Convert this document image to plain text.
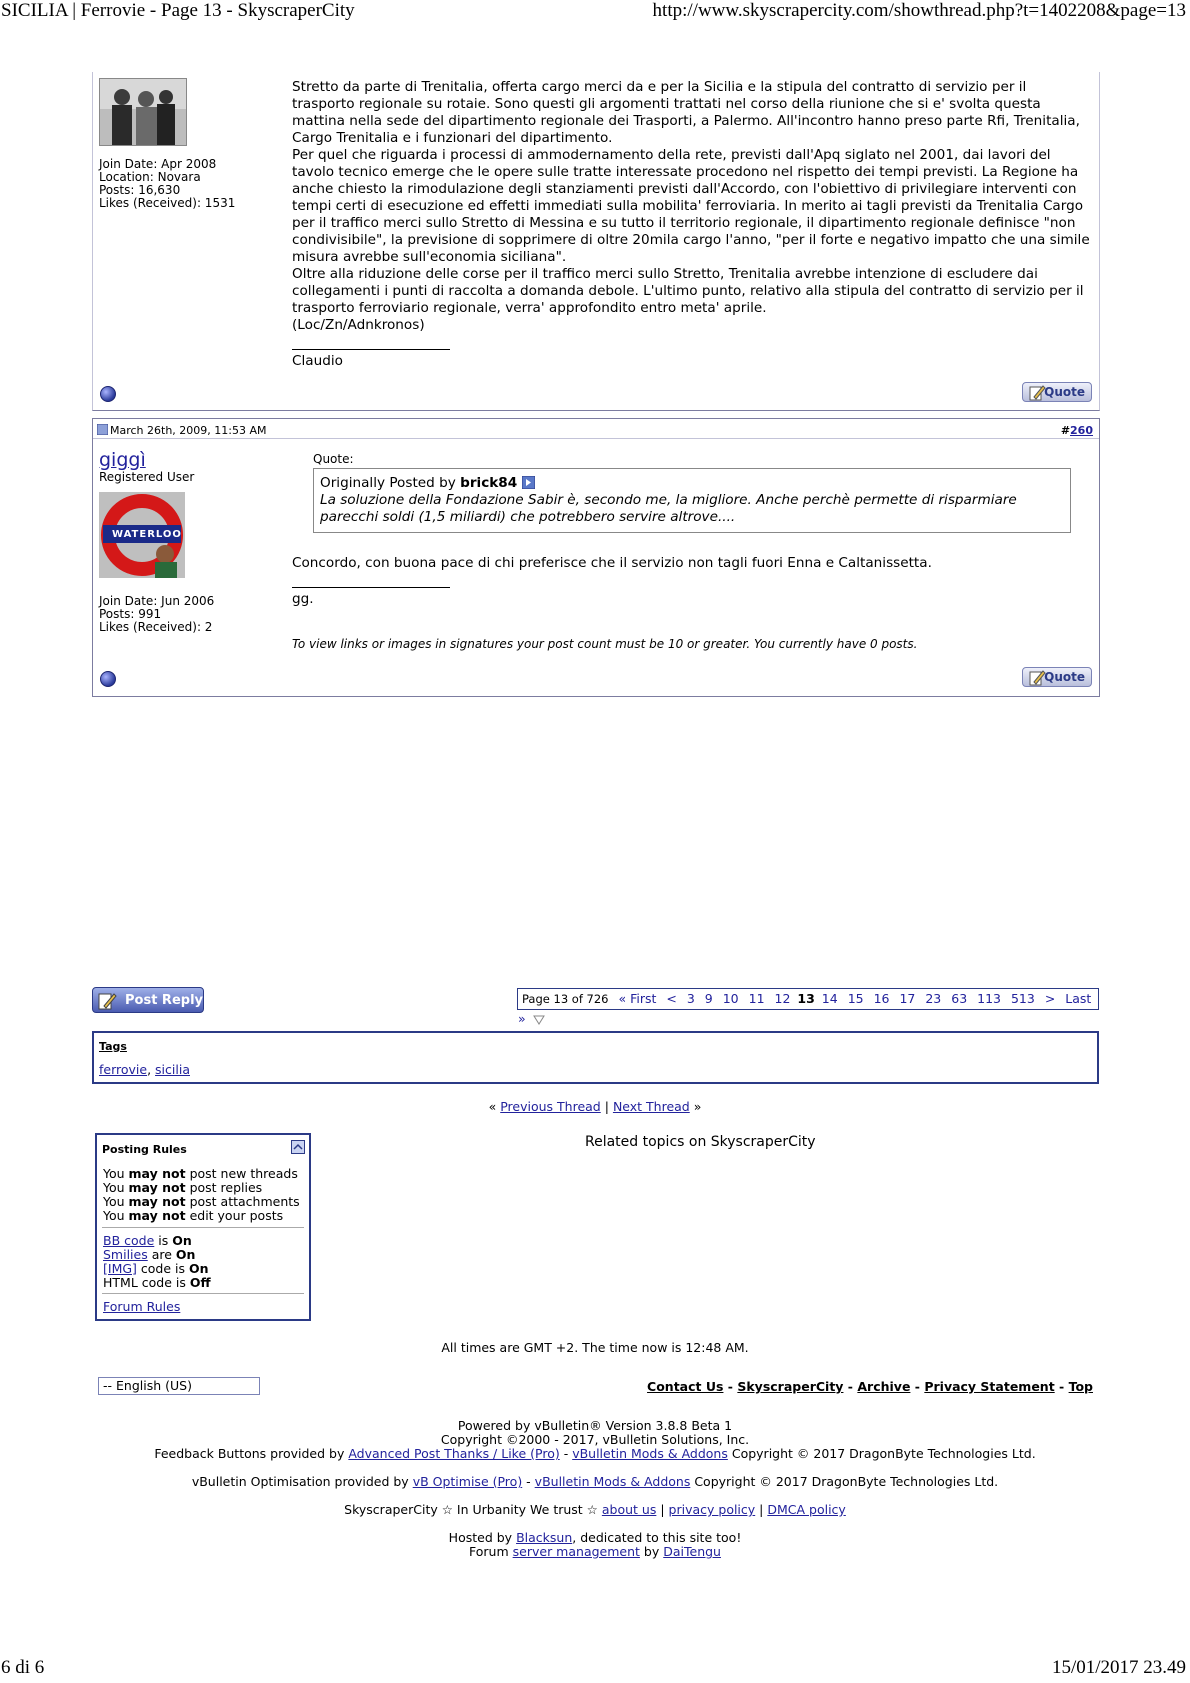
SICILIA | Ferrovie - Page 13 - SkyscraperCity	http://www.skyscrapercity.com/showthread.php?t=1402208&page=13
Join Date: Apr 2008
Location: Novara
Posts: 16,630
Likes (Received): 1531
Stretto da parte di Trenitalia, offerta cargo merci da e per la Sicilia e la stipula del contratto di servizio per il trasporto regionale su rotaie. Sono questi gli argomenti trattati nel corso della riunione che si e' svolta questa mattina nella sede del dipartimento regionale dei Trasporti, a Palermo. All'incontro hanno preso parte Rfi, Trenitalia, Cargo Trenitalia e i funzionari del dipartimento.
Per quel che riguarda i processi di ammodernamento della rete, previsti dall'Apq siglato nel 2001, dai lavori del tavolo tecnico emerge che le opere sulle tratte interessate procedono nel rispetto dei tempi previsti. La Regione ha anche chiesto la rimodulazione degli stanziamenti previsti dall'Accordo, con l'obiettivo di privilegiare interventi con tempi certi di esecuzione ed effetti immediati sulla mobilita' ferroviaria. In merito ai tagli previsti da Trenitalia Cargo per il traffico merci sullo Stretto di Messina e su tutto il territorio regionale, il dipartimento regionale definisce "non condivisibile", la previsione di sopprimere di oltre 20mila cargo l'anno, "per il forte e negativo impatto che una simile misura avrebbe sull'economia siciliana".
Oltre alla riduzione delle corse per il traffico merci sullo Stretto, Trenitalia avrebbe intenzione di escludere dai collegamenti i punti di raccolta a domanda debole. L'ultimo punto, relativo alla stipula del contratto di servizio per il trasporto ferroviario regionale, verra' approfondito entro meta' aprile.
(Loc/Zn/Adnkronos)
Claudio
Quote
March 26th, 2009, 11:53 AM	#260
giggì
Registered User
WATERLOO
Join Date: Jun 2006
Posts: 991
Likes (Received): 2
Quote:
Originally Posted by brick84
La soluzione della Fondazione Sabir è, secondo me, la migliore. Anche perchè permette di risparmiare parecchi soldi (1,5 miliardi) che potrebbero servire altrove....
Concordo, con buona pace di chi preferisce che il servizio non tagli fuori Enna e Caltanissetta.
gg.
To view links or images in signatures your post count must be 10 or greater. You currently have 0 posts.
Quote
Post Reply	Page 13 of 726 « First < 3 9 10 11 12 13 14 15 16 17 23 63 113 513 > Last »
Tags
ferrovie, sicilia
« Previous Thread | Next Thread »
Posting Rules
You may not post new threads
You may not post replies
You may not post attachments
You may not edit your posts
BB code is On
Smilies are On
[IMG] code is On
HTML code is Off
Forum Rules
Related topics on SkyscraperCity
All times are GMT +2. The time now is 12:48 AM.
-- English (US)	Contact Us - SkyscraperCity - Archive - Privacy Statement - Top
Powered by vBulletin® Version 3.8.8 Beta 1
Copyright ©2000 - 2017, vBulletin Solutions, Inc.
Feedback Buttons provided by Advanced Post Thanks / Like (Pro) - vBulletin Mods & Addons Copyright © 2017 DragonByte Technologies Ltd.
vBulletin Optimisation provided by vB Optimise (Pro) - vBulletin Mods & Addons Copyright © 2017 DragonByte Technologies Ltd.
SkyscraperCity ☆ In Urbanity We trust ☆ about us | privacy policy | DMCA policy
Hosted by Blacksun, dedicated to this site too!
Forum server management by DaiTengu
6 di 6	15/01/2017 23.49
